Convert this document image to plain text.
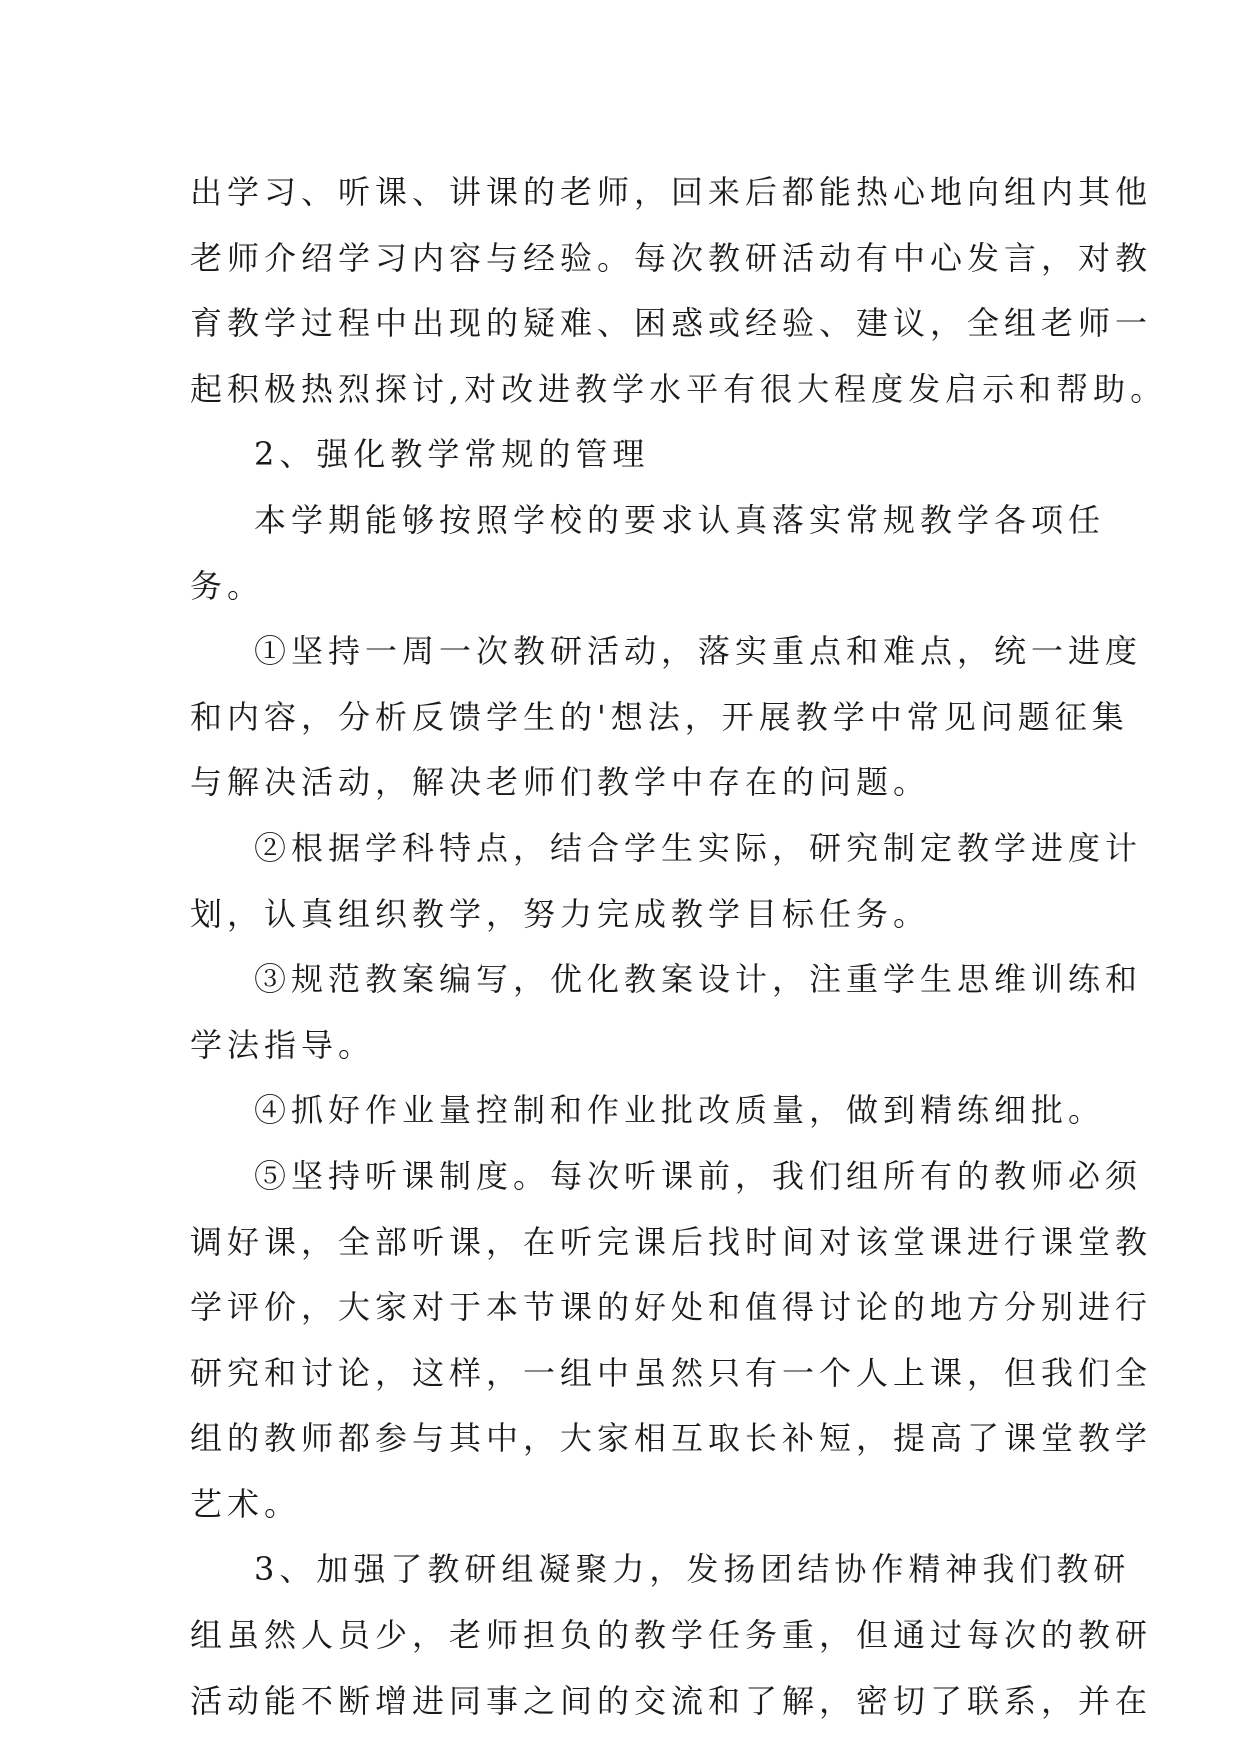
出学习、听课、讲课的老师，回来后都能热心地向组内其他
老师介绍学习内容与经验。每次教研活动有中心发言，对教
育教学过程中出现的疑难、困惑或经验、建议，全组老师一
起积极热烈探讨,对改进教学水平有很大程度发启示和帮助。
2、强化教学常规的管理
本学期能够按照学校的要求认真落实常规教学各项任
务。
①坚持一周一次教研活动，落实重点和难点，统一进度
和内容，分析反馈学生的'想法，开展教学中常见问题征集
与解决活动，解决老师们教学中存在的问题。
②根据学科特点，结合学生实际，研究制定教学进度计
划，认真组织教学，努力完成教学目标任务。
③规范教案编写，优化教案设计，注重学生思维训练和
学法指导。
④抓好作业量控制和作业批改质量，做到精练细批。
⑤坚持听课制度。每次听课前，我们组所有的教师必须
调好课，全部听课，在听完课后找时间对该堂课进行课堂教
学评价，大家对于本节课的好处和值得讨论的地方分别进行
研究和讨论，这样，一组中虽然只有一个人上课，但我们全
组的教师都参与其中，大家相互取长补短，提高了课堂教学
艺术。
3、加强了教研组凝聚力，发扬团结协作精神我们教研
组虽然人员少，老师担负的教学任务重，但通过每次的教研
活动能不断增进同事之间的交流和了解，密切了联系，并在
